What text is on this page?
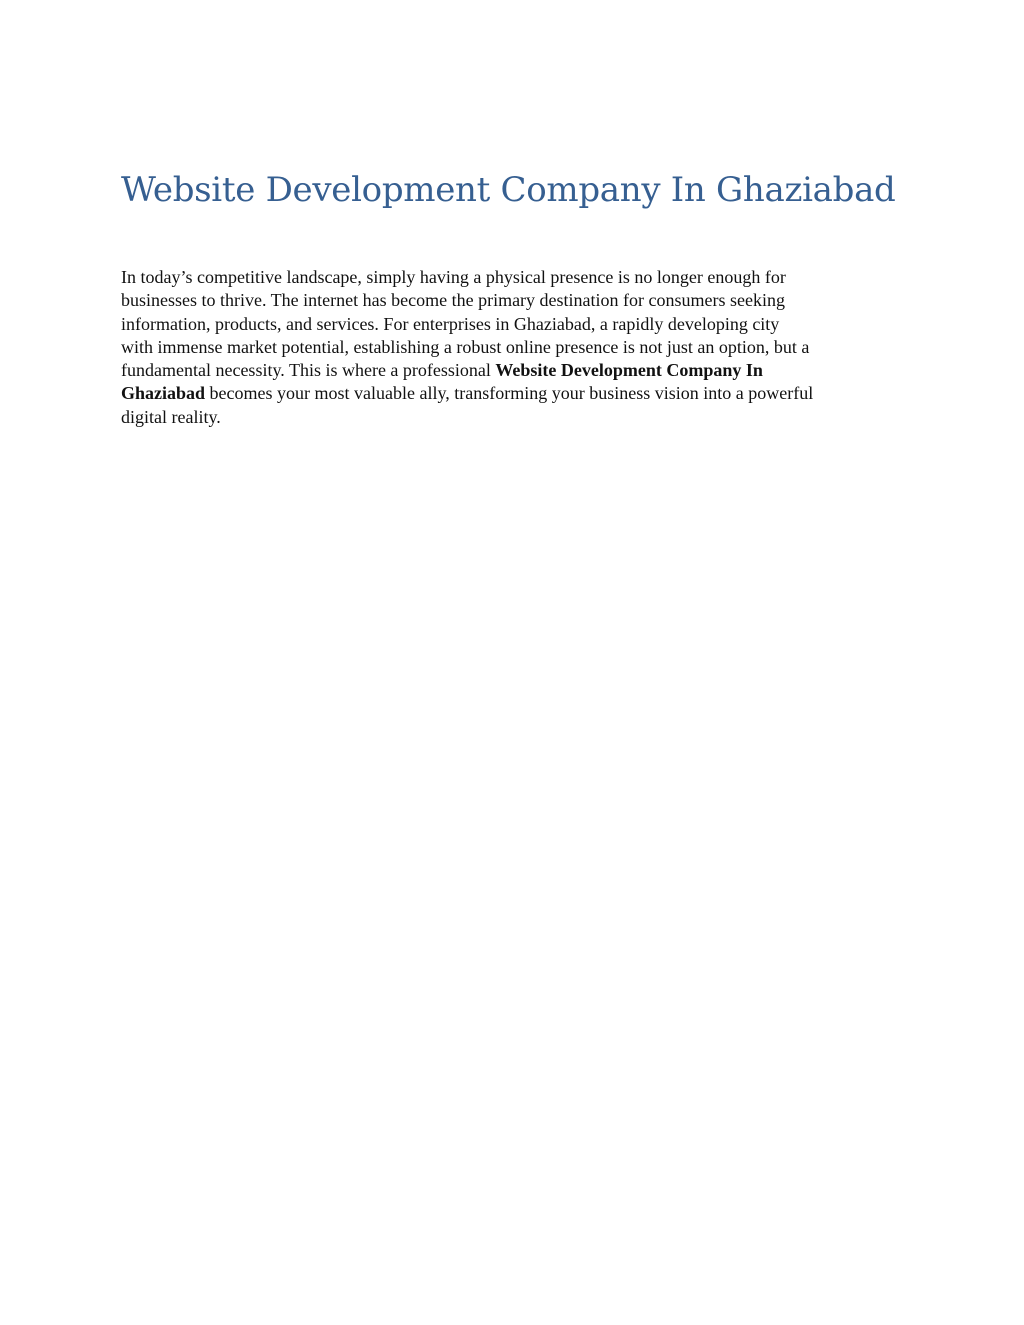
Website Development Company In Ghaziabad

In today’s competitive landscape, simply having a physical presence is no longer enough for
businesses to thrive. The internet has become the primary destination for consumers seeking
information, products, and services. For enterprises in Ghaziabad, a rapidly developing city
with immense market potential, establishing a robust online presence is not just an option, but a
fundamental necessity. This is where a professional Website Development Company In
Ghaziabad becomes your most valuable ally, transforming your business vision into a powerful
digital reality.
